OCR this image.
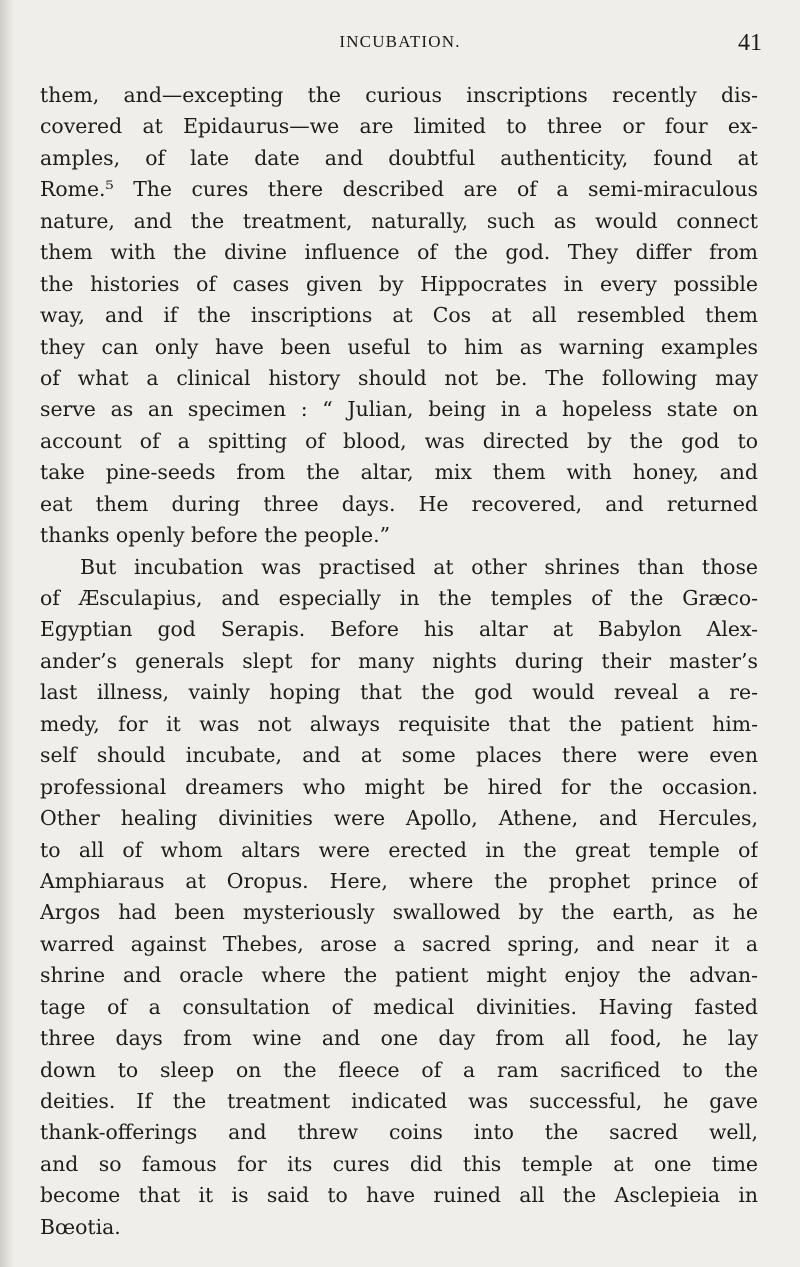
INCUBATION.	41
them, and—excepting the curious inscriptions recently dis-
covered at Epidaurus—we are limited to three or four ex-
amples, of late date and doubtful authenticity, found at
Rome.⁵ The cures there described are of a semi-miraculous
nature, and the treatment, naturally, such as would connect
them with the divine influence of the god. They differ from
the histories of cases given by Hippocrates in every possible
way, and if the inscriptions at Cos at all resembled them
they can only have been useful to him as warning examples
of what a clinical history should not be. The following may
serve as an specimen : “ Julian, being in a hopeless state on
account of a spitting of blood, was directed by the god to
take pine-seeds from the altar, mix them with honey, and
eat them during three days. He recovered, and returned
thanks openly before the people.”
But incubation was practised at other shrines than those
of Æsculapius, and especially in the temples of the Græco-
Egyptian god Serapis. Before his altar at Babylon Alex-
ander’s generals slept for many nights during their master’s
last illness, vainly hoping that the god would reveal a re-
medy, for it was not always requisite that the patient him-
self should incubate, and at some places there were even
professional dreamers who might be hired for the occasion.
Other healing divinities were Apollo, Athene, and Hercules,
to all of whom altars were erected in the great temple of
Amphiaraus at Oropus. Here, where the prophet prince of
Argos had been mysteriously swallowed by the earth, as he
warred against Thebes, arose a sacred spring, and near it a
shrine and oracle where the patient might enjoy the advan-
tage of a consultation of medical divinities. Having fasted
three days from wine and one day from all food, he lay
down to sleep on the fleece of a ram sacrificed to the
deities. If the treatment indicated was successful, he gave
thank-offerings and threw coins into the sacred well,
and so famous for its cures did this temple at one time
become that it is said to have ruined all the Asclepieia in
Bœotia.
